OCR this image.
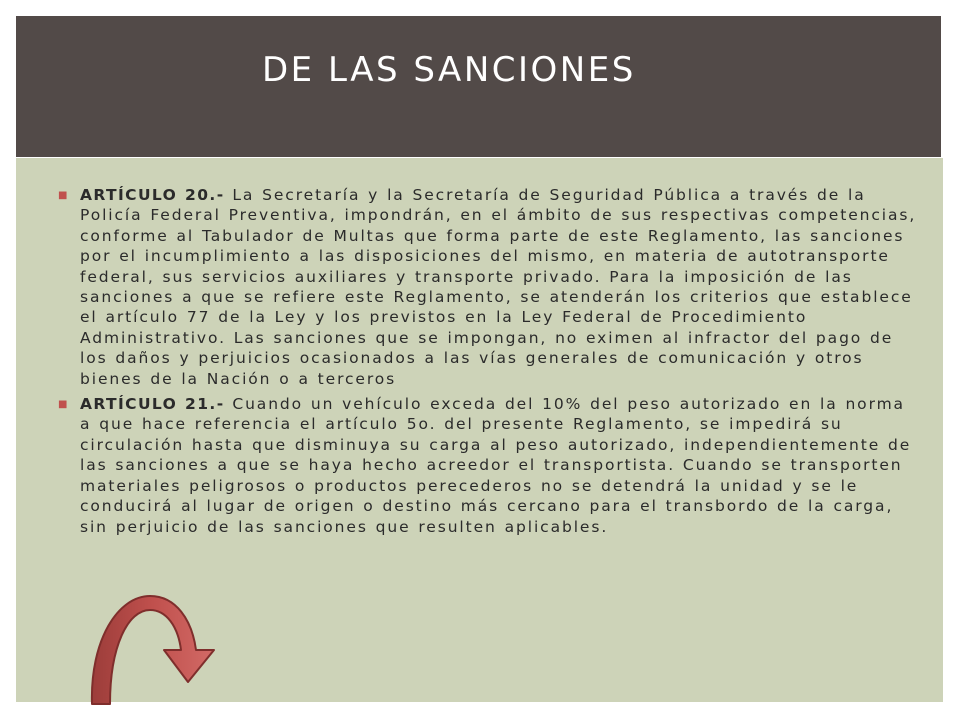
DE LAS SANCIONES
■ ARTÍCULO 20.- La Secretaría y la Secretaría de Seguridad Pública a través de la Policía Federal Preventiva, impondrán, en el ámbito de sus respectivas competencias, conforme al Tabulador de Multas que forma parte de este Reglamento, las sanciones por el incumplimiento a las disposiciones del mismo, en materia de autotransporte federal, sus servicios auxiliares y transporte privado. Para la imposición de las sanciones a que se refiere este Reglamento, se atenderán los criterios que establece el artículo 77 de la Ley y los previstos en la Ley Federal de Procedimiento Administrativo. Las sanciones que se impongan, no eximen al infractor del pago de los daños y perjuicios ocasionados a las vías generales de comunicación y otros bienes de la Nación o a terceros
■ ARTÍCULO 21.- Cuando un vehículo exceda del 10% del peso autorizado en la norma a que hace referencia el artículo 5o. del presente Reglamento, se impedirá su circulación hasta que disminuya su carga al peso autorizado, independientemente de las sanciones a que se haya hecho acreedor el transportista. Cuando se transporten materiales peligrosos o productos perecederos no se detendrá la unidad y se le conducirá al lugar de origen o destino más cercano para el transbordo de la carga, sin perjuicio de las sanciones que resulten aplicables.
